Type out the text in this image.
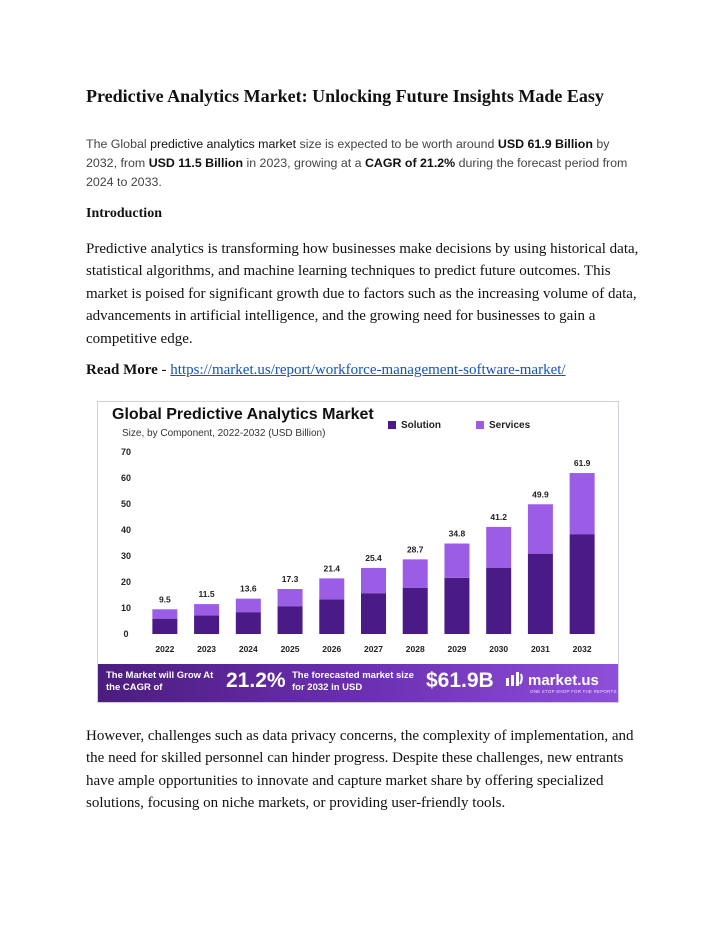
Predictive Analytics Market: Unlocking Future Insights Made Easy

The Global predictive analytics market size is expected to be worth around USD 61.9 Billion by 2032, from USD 11.5 Billion in 2023, growing at a CAGR of 21.2% during the forecast period from 2024 to 2033.

Introduction

Predictive analytics is transforming how businesses make decisions by using historical data, statistical algorithms, and machine learning techniques to predict future outcomes. This market is poised for significant growth due to factors such as the increasing volume of data, advancements in artificial intelligence, and the growing need for businesses to gain a competitive edge.

Read More - https://market.us/report/workforce-management-software-market/

Global Predictive Analytics Market
Size, by Component, 2022-2032 (USD Billion)
Solution	Services
0
10
20
30
40
50
60
70
9.5
2022
11.5
2023
13.6
2024
17.3
2025
21.4
2026
25.4
2027
28.7
2028
34.8
2029
41.2
2030
49.9
2031
61.9
2032
The Market will Grow At the CAGR of	21.2% The forecasted market size for 2032 in USD	$61.9B	market.us
ONE STOP SHOP FOR THE REPORTS

However, challenges such as data privacy concerns, the complexity of implementation, and the need for skilled personnel can hinder progress. Despite these challenges, new entrants have ample opportunities to innovate and capture market share by offering specialized solutions, focusing on niche markets, or providing user-friendly tools.
